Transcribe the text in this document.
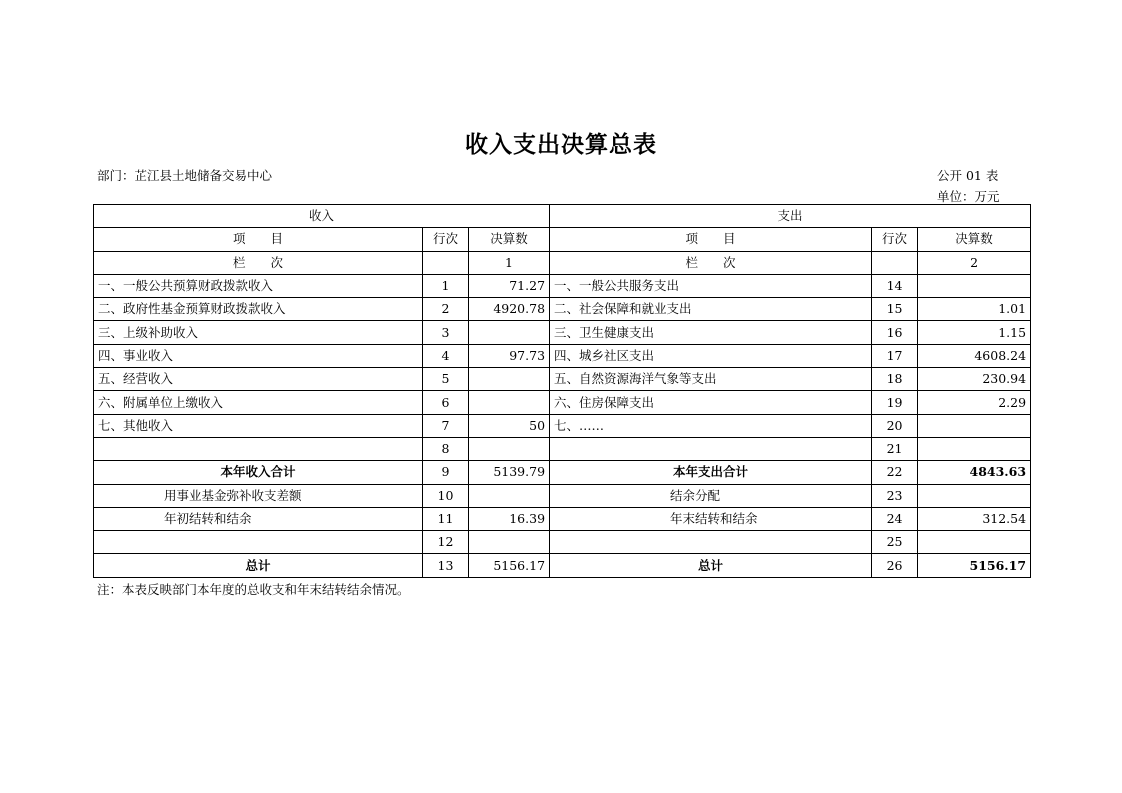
收入支出决算总表
部门：芷江县土地储备交易中心	公开 01 表
单位：万元
收入			支出		
项　　目	行次	决算数	项　　目	行次	决算数
栏　　次		1	栏　　次		2
一、一般公共预算财政拨款收入	1	71.27	一、一般公共服务支出	14	
二、政府性基金预算财政拨款收入	2	4920.78	二、社会保障和就业支出	15	1.01
三、上级补助收入	3		三、卫生健康支出	16	1.15
四、事业收入	4	97.73	四、城乡社区支出	17	4608.24
五、经营收入	5		五、自然资源海洋气象等支出	18	230.94
六、附属单位上缴收入	6		六、住房保障支出	19	2.29
七、其他收入	7	50	七、……	20	
	8			21	
本年收入合计	9	5139.79	本年支出合计	22	4843.63
用事业基金弥补收支差额	10		结余分配	23	
年初结转和结余	11	16.39	年末结转和结余	24	312.54
	12			25	
总计	13	5156.17	总计	26	5156.17
注：本表反映部门本年度的总收支和年末结转结余情况。
